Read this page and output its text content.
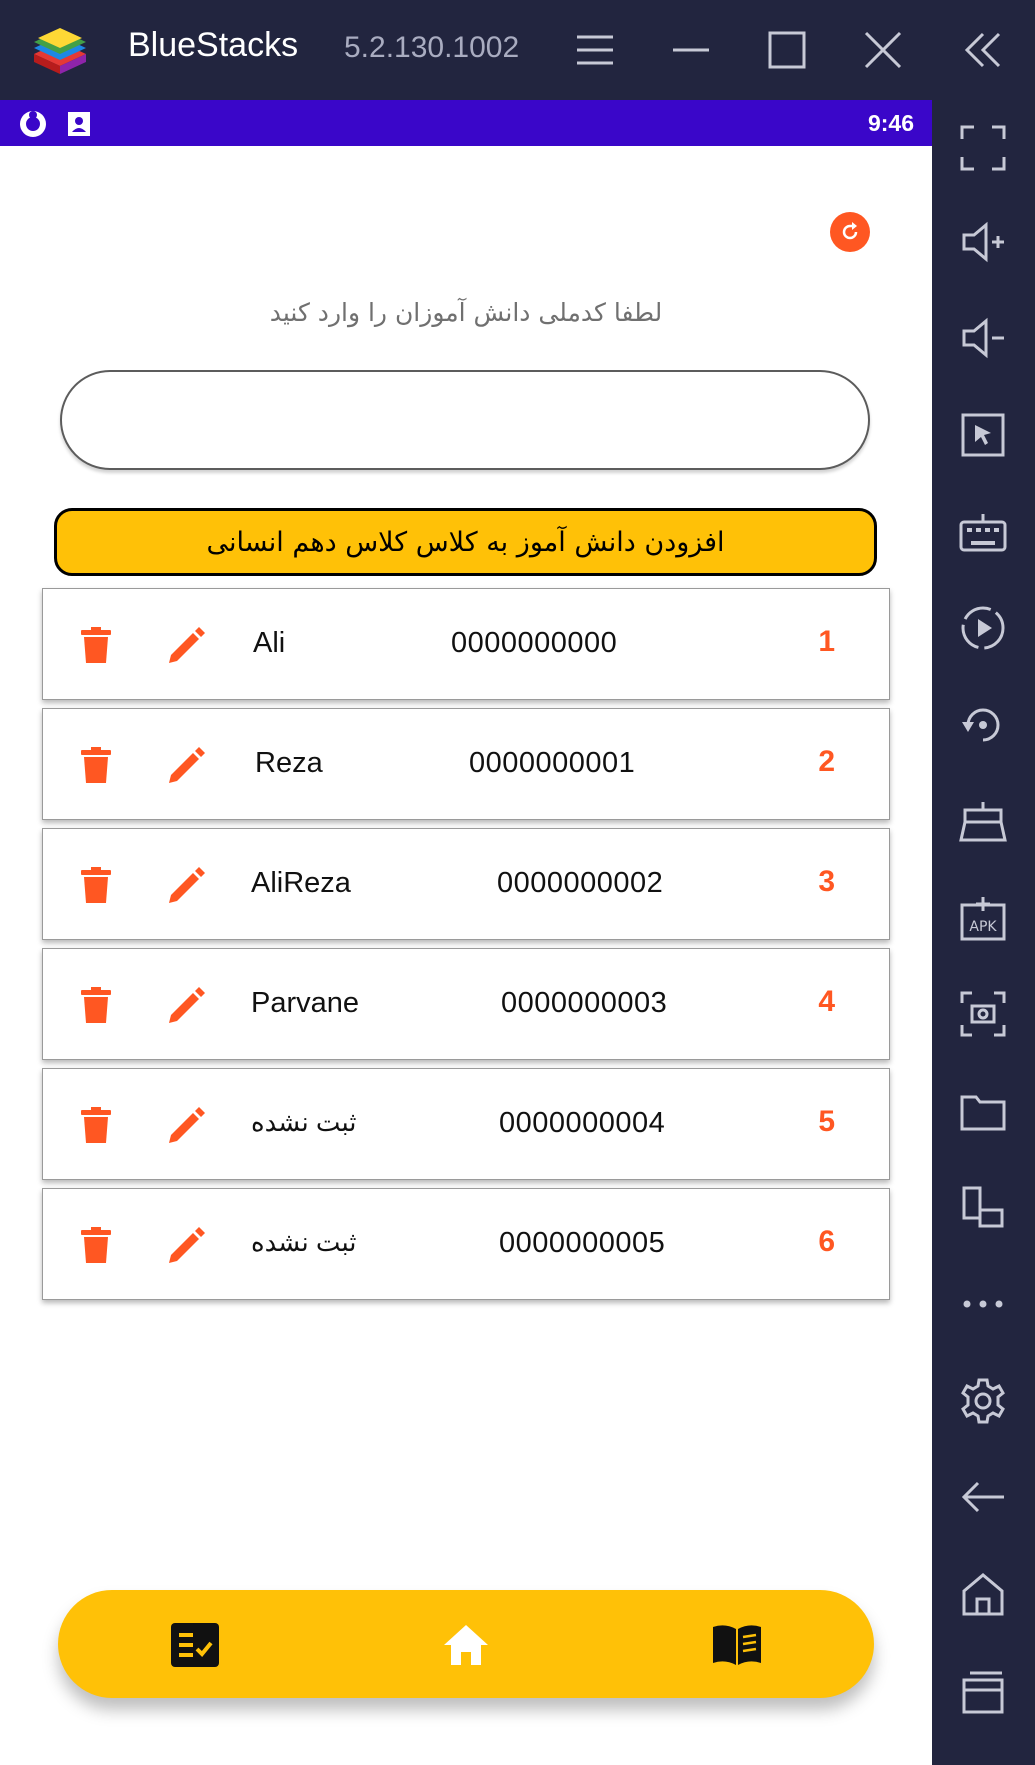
BlueStacks 5.2.130.1002
APK
9:46
لطفا کدملی دانش آموزان را وارد کنید
افزودن دانش آموز به کلاس کلاس دهم انسانی
Ali	0000000000	1
Reza	0000000001	2
AliReza	0000000002	3
Parvane	0000000003	4
ثبت نشده	0000000004	5
ثبت نشده	0000000005	6
